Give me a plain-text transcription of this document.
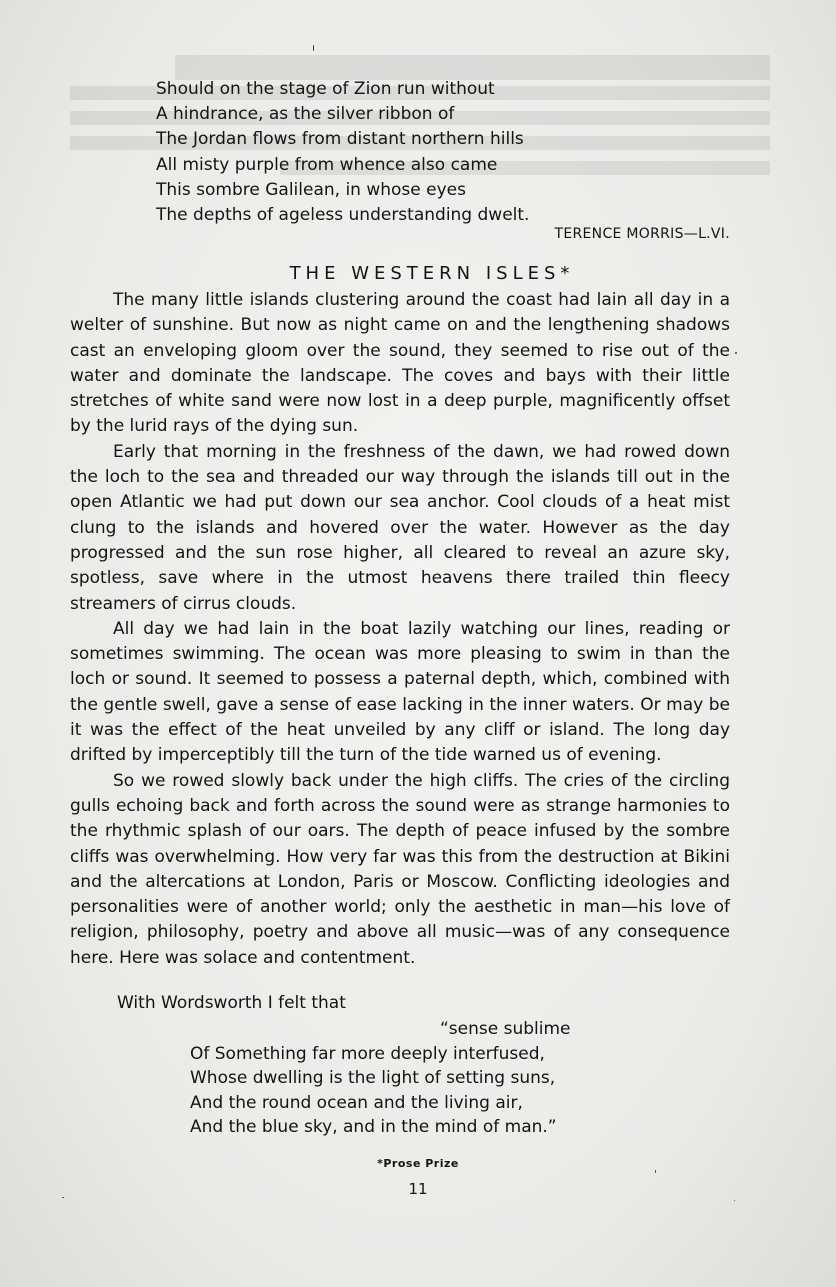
Should on the stage of Zion run without
A hindrance, as the silver ribbon of
The Jordan flows from distant northern hills
All misty purple from whence also came
This sombre Galilean, in whose eyes
The depths of ageless understanding dwelt.
TERENCE MORRIS—L.VI.
THE WESTERN ISLES*

The many little islands clustering around the coast had lain all day in a welter of sunshine. But now as night came on and the lengthening shadows cast an enveloping gloom over the sound, they seemed to rise out of the water and dominate the landscape. The coves and bays with their little stretches of white sand were now lost in a deep purple, magnificently offset by the lurid rays of the dying sun.

Early that morning in the freshness of the dawn, we had rowed down the loch to the sea and threaded our way through the islands till out in the open Atlantic we had put down our sea anchor. Cool clouds of a heat mist clung to the islands and hovered over the water. However as the day progressed and the sun rose higher, all cleared to reveal an azure sky, spotless, save where in the utmost heavens there trailed thin fleecy streamers of cirrus clouds.

All day we had lain in the boat lazily watching our lines, reading or sometimes swimming. The ocean was more pleasing to swim in than the loch or sound. It seemed to possess a paternal depth, which, combined with the gentle swell, gave a sense of ease lacking in the inner waters. Or may be it was the effect of the heat unveiled by any cliff or island. The long day drifted by imperceptibly till the turn of the tide warned us of evening.

So we rowed slowly back under the high cliffs. The cries of the circling gulls echoing back and forth across the sound were as strange harmonies to the rhythmic splash of our oars. The depth of peace infused by the sombre cliffs was overwhelming. How very far was this from the destruction at Bikini and the altercations at London, Paris or Moscow. Conflicting ideologies and personalities were of another world; only the aesthetic in man—his love of religion, philosophy, poetry and above all music—was of any consequence here. Here was solace and contentment.

With Wordsworth I felt that
“sense sublime
Of Something far more deeply interfused,
Whose dwelling is the light of setting suns,
And the round ocean and the living air,
And the blue sky, and in the mind of man.”
*Prose Prize
11
